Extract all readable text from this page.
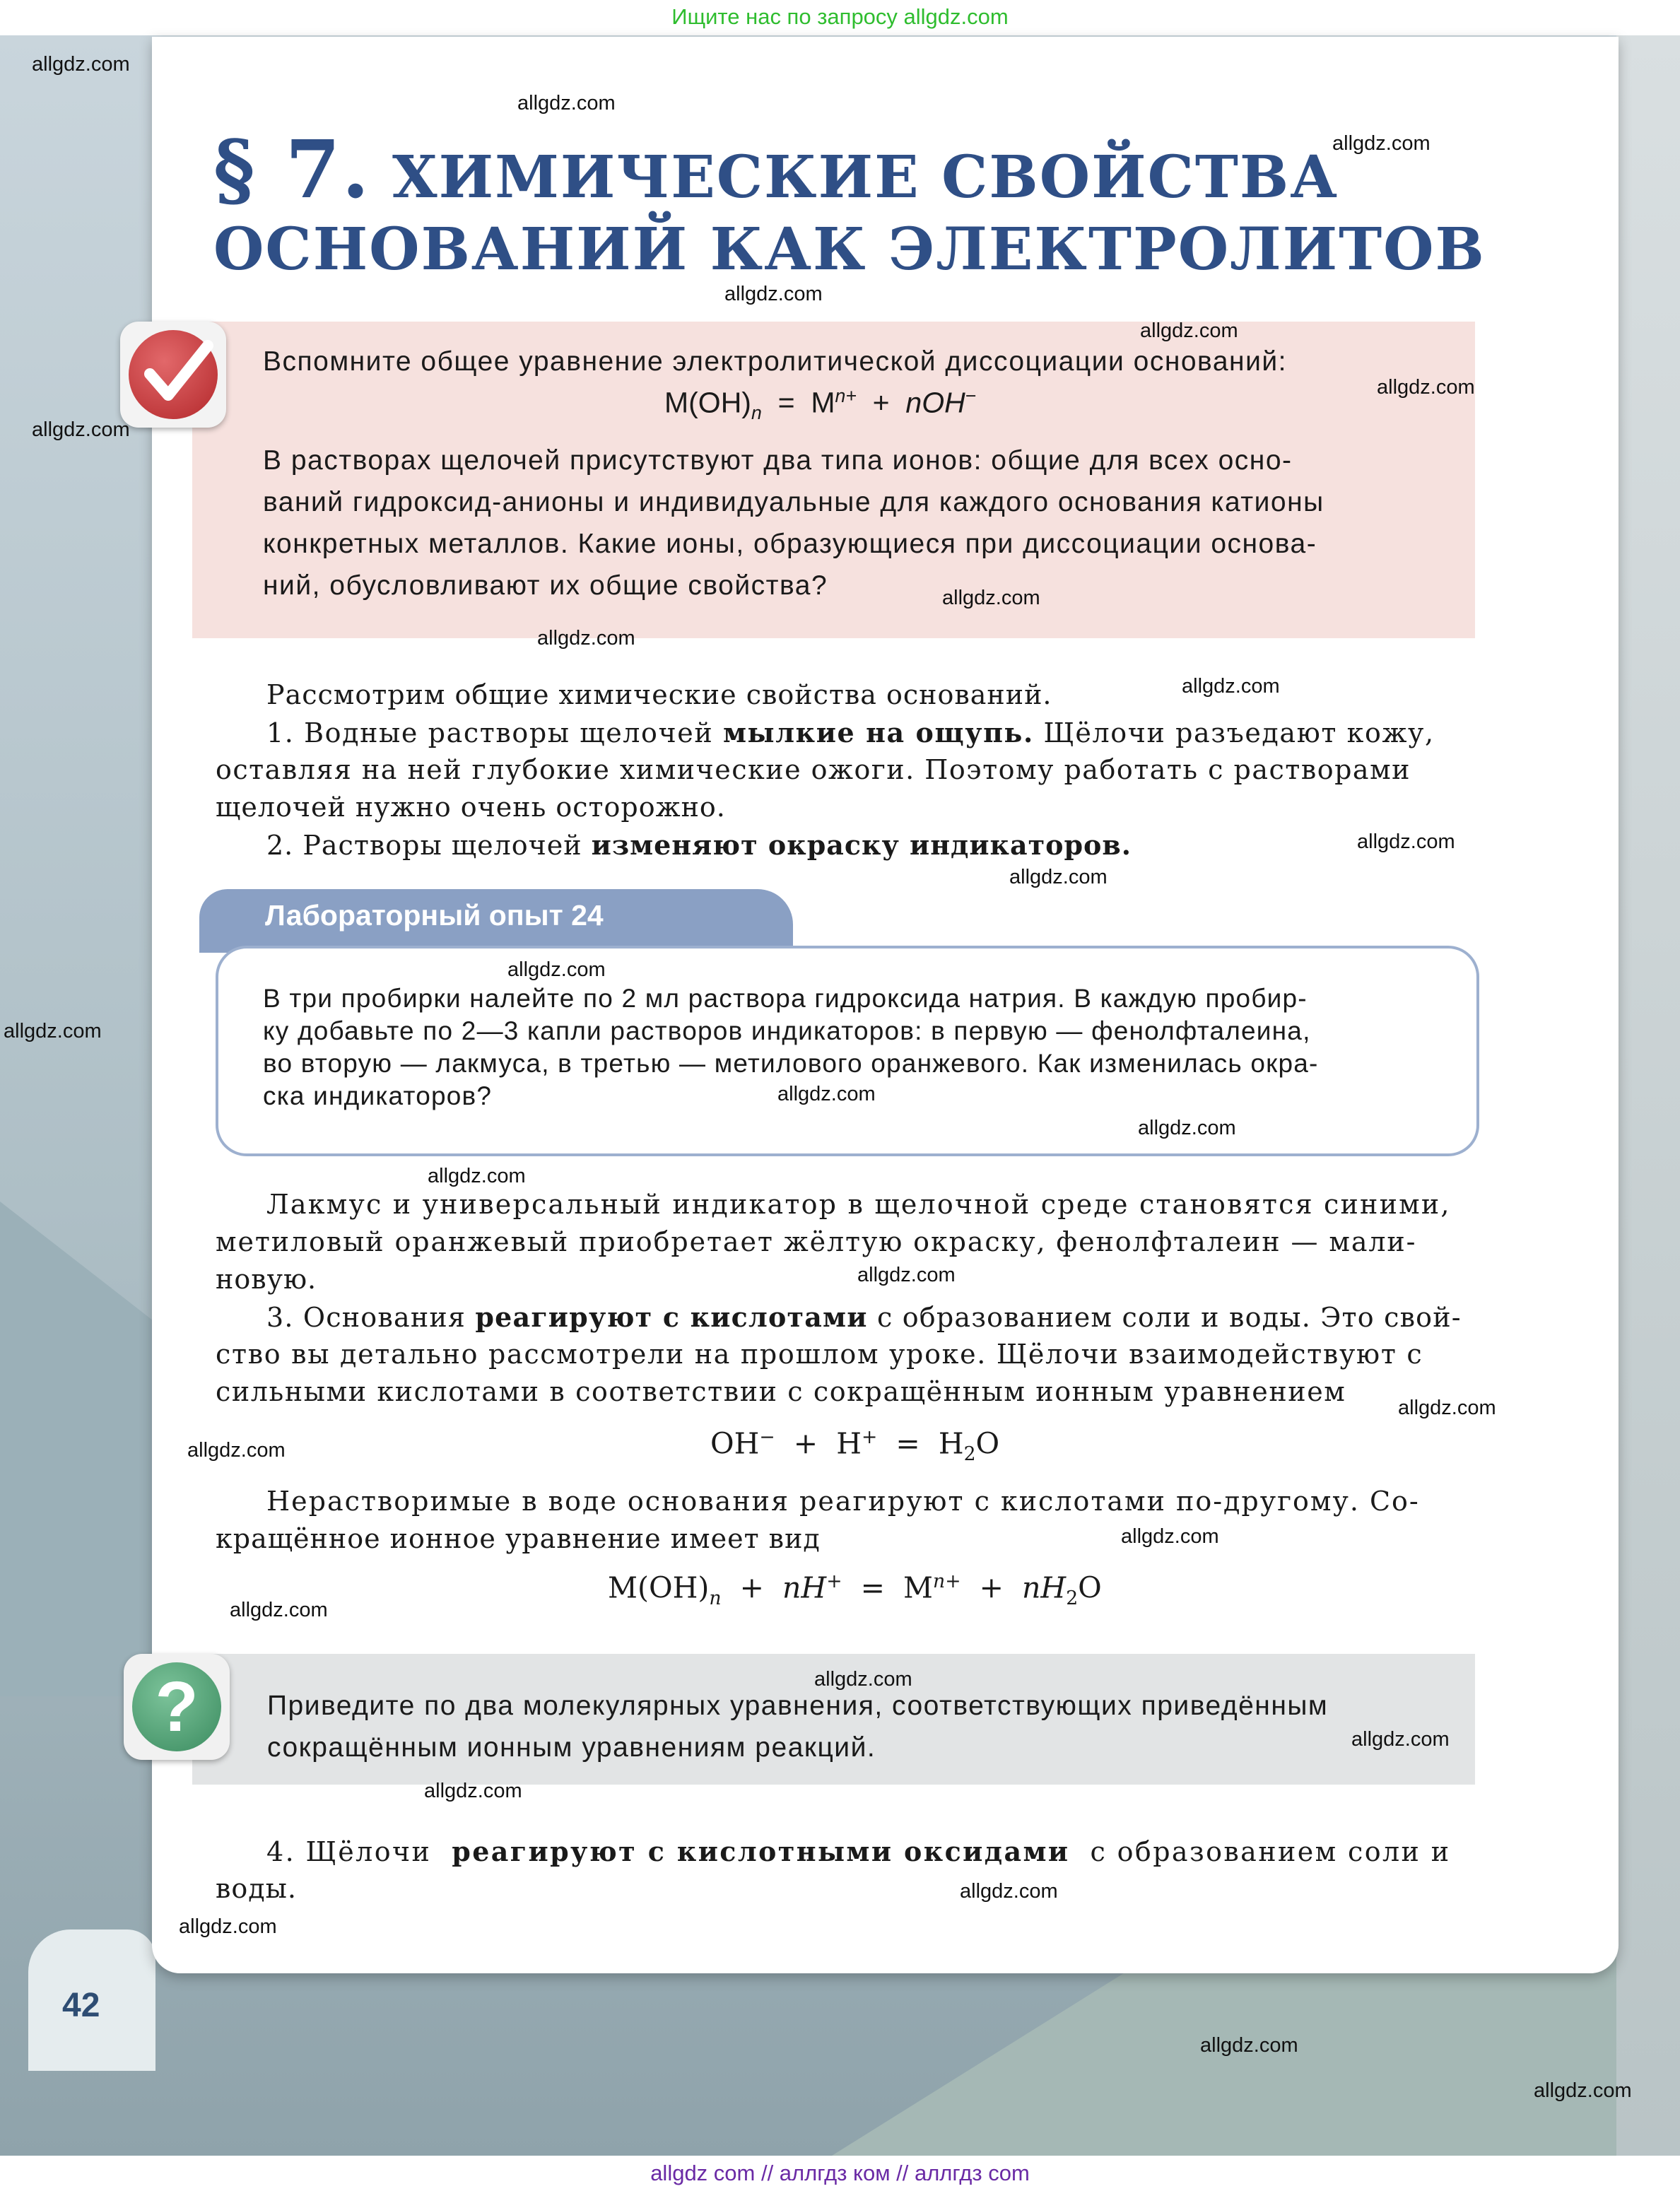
Ищите нас по запросу allgdz.com
42
§ 7. ХИМИЧЕСКИЕ СВОЙСТВА
ОСНОВАНИЙ КАК ЭЛЕКТРОЛИТОВ
Вспомните общее уравнение электролитической диссоциации оснований:
$M(OH)_n = M^{n+} + nOH^-$
В растворах щелочей присутствуют два типа ионов: общие для всех осно-
ваний гидроксид-анионы и индивидуальные для каждого основания катионы
конкретных металлов. Какие ионы, образующиеся при диссоциации основа-
ний, обусловливают их общие свойства?
Рассмотрим общие химические свойства оснований.
1. Водные растворы щелочей мылкие на ощупь. Щёлочи разъедают кожу,
оставляя на ней глубокие химические ожоги. Поэтому работать с растворами
щелочей нужно очень осторожно.
2. Растворы щелочей изменяют окраску индикаторов.
Лабораторный опыт 24
В три пробирки налейте по 2 мл раствора гидроксида натрия. В каждую пробир-
ку добавьте по 2—3 капли растворов индикаторов: в первую — фенолфталеина,
во вторую — лакмуса, в третью — метилового оранжевого. Как изменилась окра-
ска индикаторов?
Лакмус и универсальный индикатор в щелочной среде становятся синими,
метиловый оранжевый приобретает жёлтую окраску, фенолфталеин — мали-
новую.
3. Основания реагируют с кислотами с образованием соли и воды. Это свой-
ство вы детально рассмотрели на прошлом уроке. Щёлочи взаимодействуют с
сильными кислотами в соответствии с сокращённым ионным уравнением
$OH^- + H^+ = H_2O$
Нерастворимые в воде основания реагируют с кислотами по-другому. Со-
кращённое ионное уравнение имеет вид
$M(OH)_n + nH^+ = M^{n+} + nH_2O$
?	Приведите по два молекулярных уравнения, соответствующих приведённым
сокращённым ионным уравнениям реакций.
4. Щёлочи реагируют с кислотными оксидами с образованием соли и
воды.
allgdz.com
allgdz.com
allgdz.com
allgdz.com
allgdz.com
allgdz.com
allgdz.com
allgdz.com
allgdz.com
allgdz.com
allgdz.com
allgdz.com
allgdz.com
allgdz.com
allgdz.com
allgdz.com
allgdz.com
allgdz.com
allgdz.com
allgdz.com
allgdz.com
allgdz.com
allgdz.com
allgdz.com
allgdz.com
allgdz.com
allgdz.com
allgdz.com
allgdz.com
allgdz com // аллгдз ком // аллгдз com
